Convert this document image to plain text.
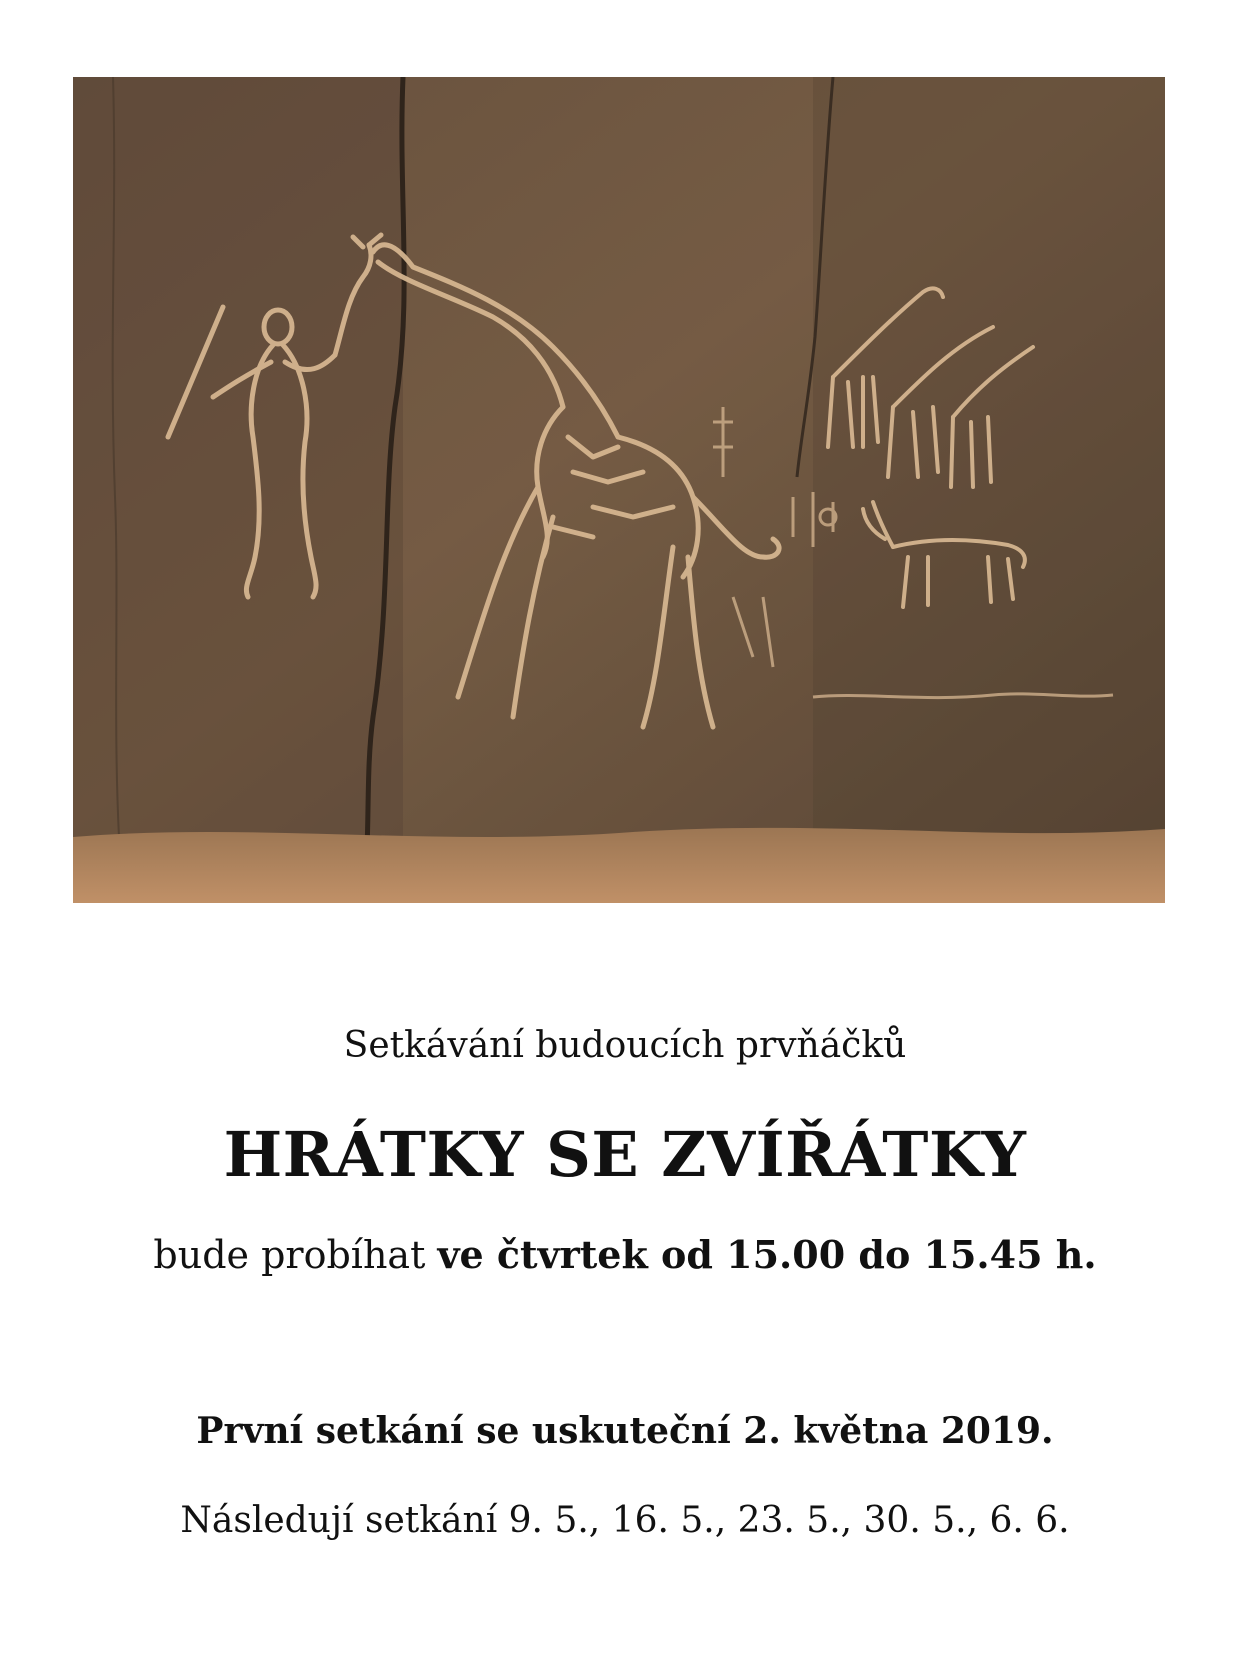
Setkávání budoucích prvňáčků
HRÁTKY SE ZVÍŘÁTKY
bude probíhat ve čtvrtek od 15.00 do 15.45 h.
První setkání se uskuteční 2. května 2019.
Následují setkání 9. 5., 16. 5., 23. 5., 30. 5., 6. 6.
